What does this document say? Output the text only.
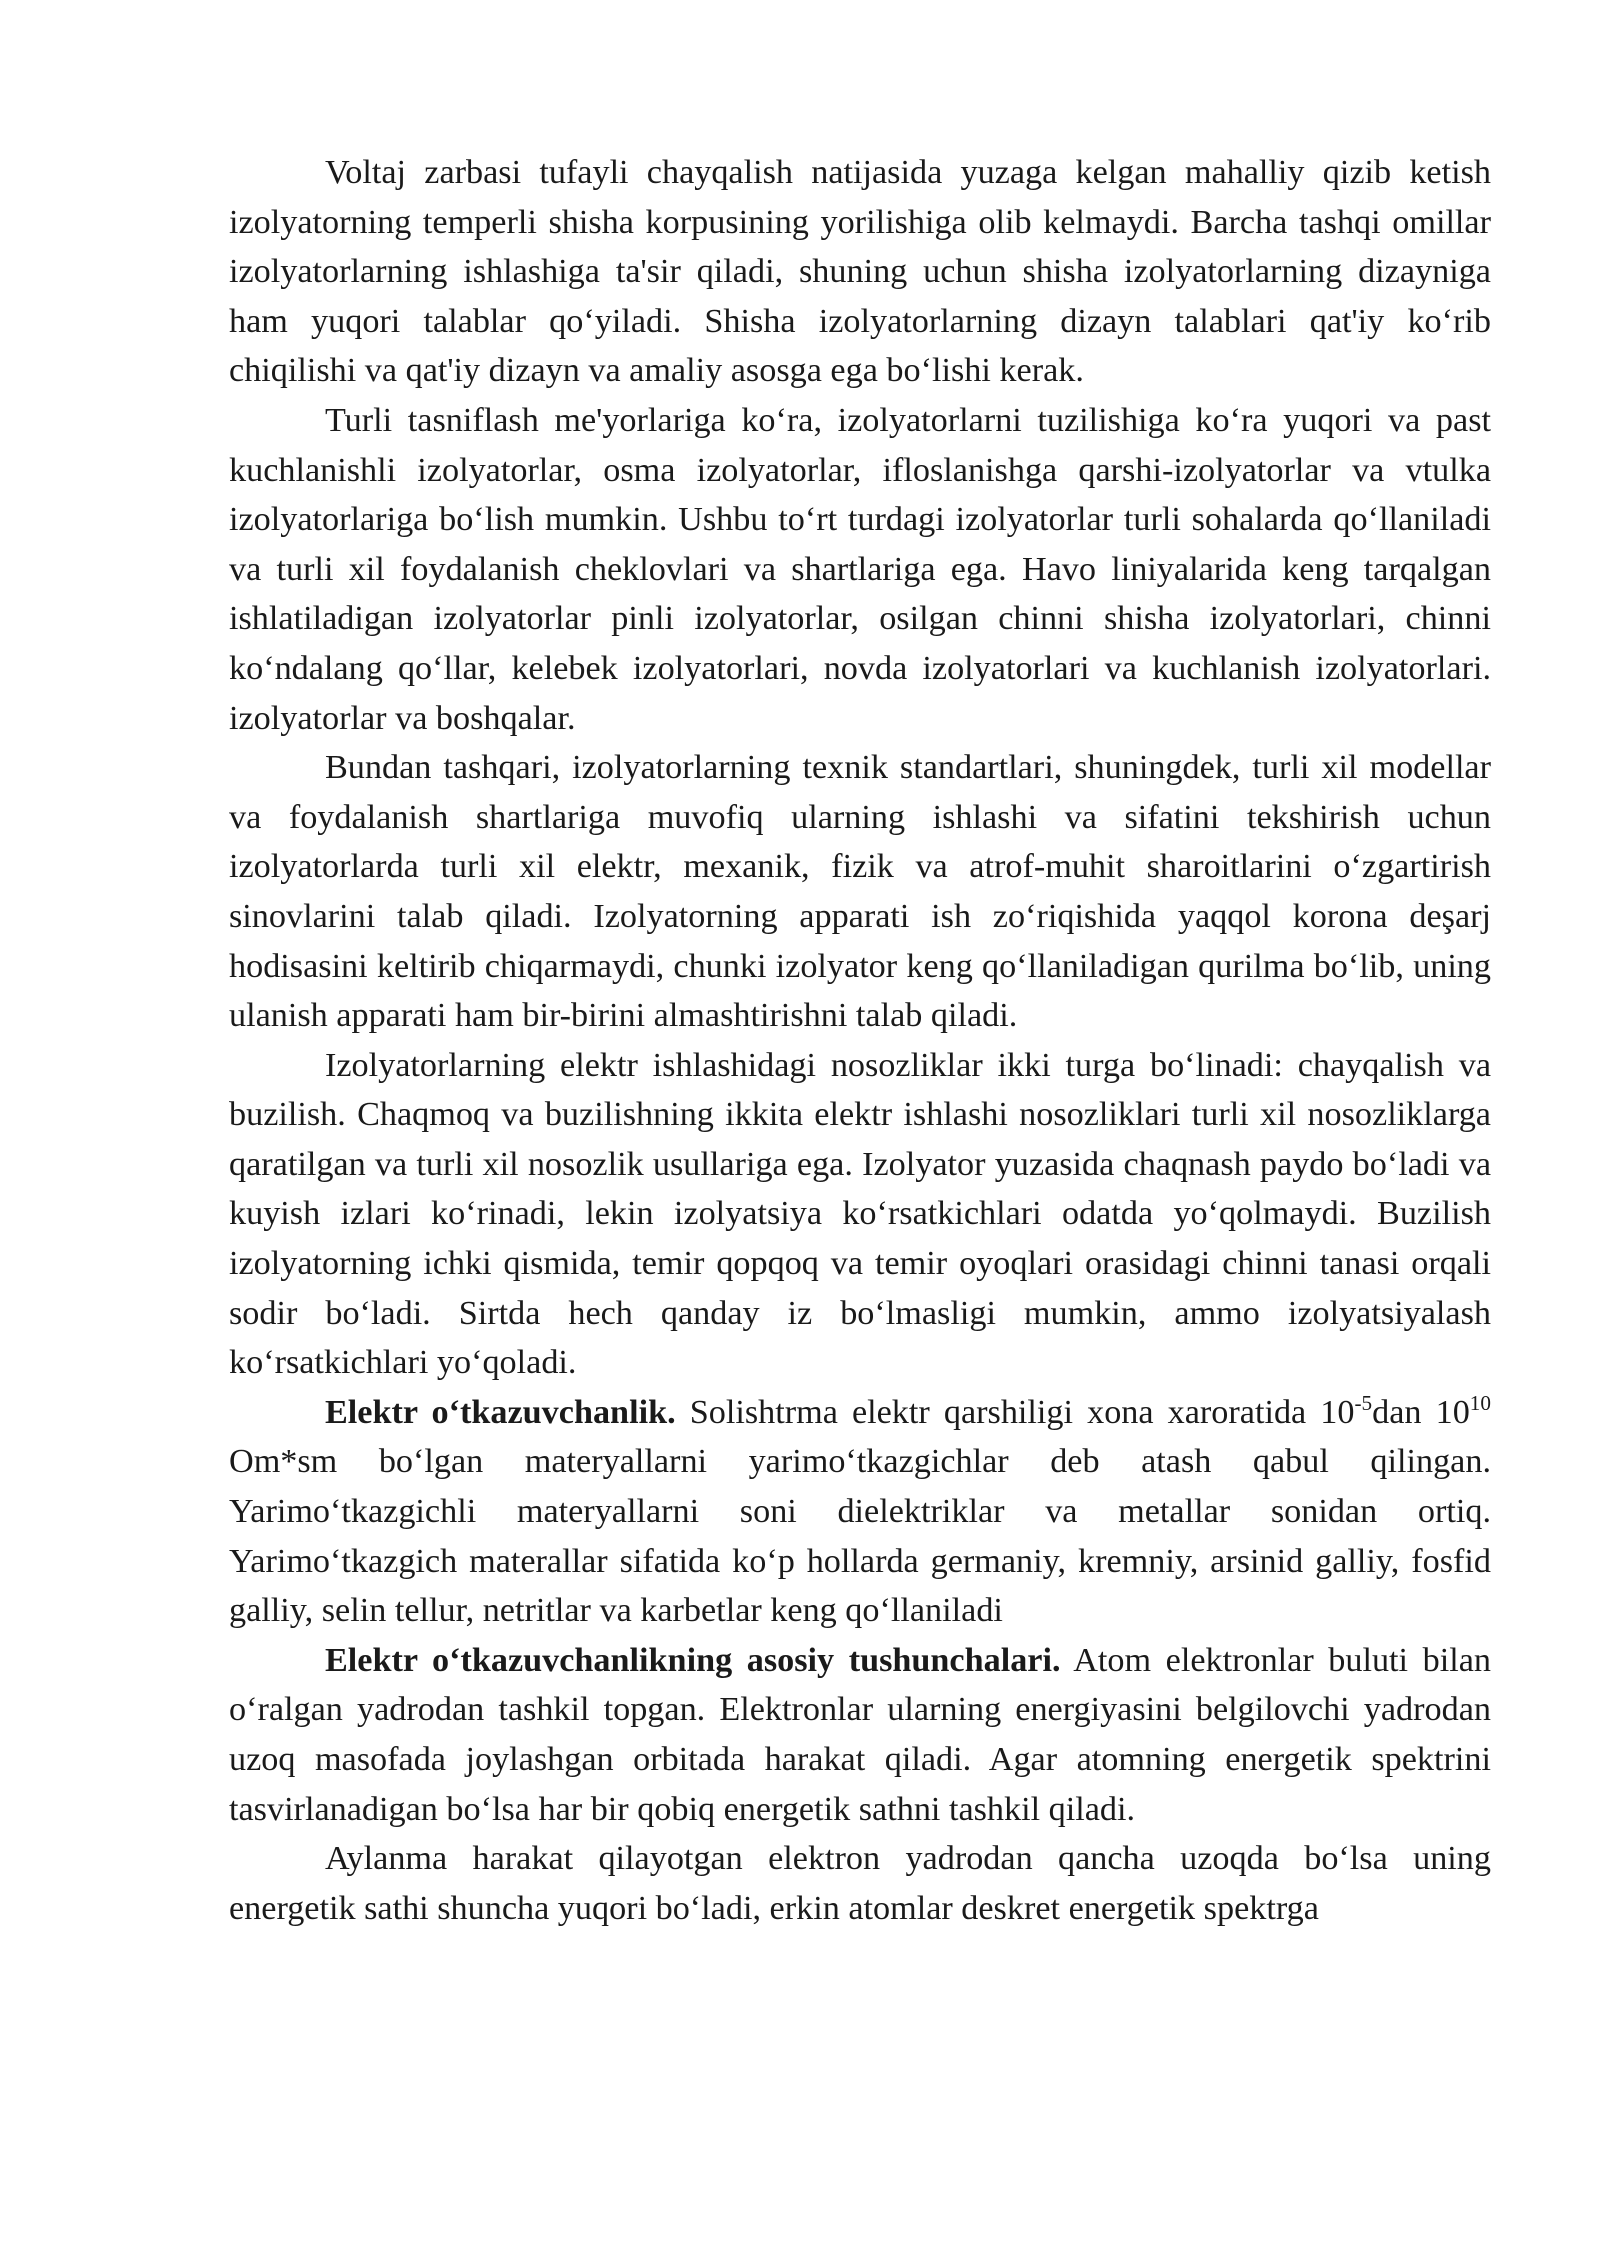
Voltaj zarbasi tufayli chayqalish natijasida yuzaga kelgan mahalliy qizib ketish izolyatorning temperli shisha korpusining yorilishiga olib kelmaydi. Barcha tashqi omillar izolyatorlarning ishlashiga ta'sir qiladi, shuning uchun shisha izolyatorlarning dizayniga ham yuqori talablar qoʻyiladi. Shisha izolyatorlarning dizayn talablari qat'iy koʻrib chiqilishi va qat'iy dizayn va amaliy asosga ega boʻlishi kerak.

Turli tasniflash me'yorlariga koʻra, izolyatorlarni tuzilishiga koʻra yuqori va past kuchlanishli izolyatorlar, osma izolyatorlar, ifloslanishga qarshi-izolyatorlar va vtulka izolyatorlariga boʻlish mumkin. Ushbu toʻrt turdagi izolyatorlar turli sohalarda qoʻllaniladi va turli xil foydalanish cheklovlari va shartlariga ega. Havo liniyalarida keng tarqalgan ishlatiladigan izolyatorlar pinli izolyatorlar, osilgan chinni shisha izolyatorlari, chinni koʻndalang qoʻllar, kelebek izolyatorlari, novda izolyatorlari va kuchlanish izolyatorlari. izolyatorlar va boshqalar.

Bundan tashqari, izolyatorlarning texnik standartlari, shuningdek, turli xil modellar va foydalanish shartlariga muvofiq ularning ishlashi va sifatini tekshirish uchun izolyatorlarda turli xil elektr, mexanik, fizik va atrof-muhit sharoitlarini oʻzgartirish sinovlarini talab qiladi. Izolyatorning apparati ish zoʻriqishida yaqqol korona deşarj hodisasini keltirib chiqarmaydi, chunki izolyator keng qoʻllaniladigan qurilma boʻlib, uning ulanish apparati ham bir-birini almashtirishni talab qiladi.

Izolyatorlarning elektr ishlashidagi nosozliklar ikki turga boʻlinadi: chayqalish va buzilish. Chaqmoq va buzilishning ikkita elektr ishlashi nosozliklari turli xil nosozliklarga qaratilgan va turli xil nosozlik usullariga ega. Izolyator yuzasida chaqnash paydo boʻladi va kuyish izlari koʻrinadi, lekin izolyatsiya koʻrsatkichlari odatda yoʻqolmaydi. Buzilish izolyatorning ichki qismida, temir qopqoq va temir oyoqlari orasidagi chinni tanasi orqali sodir boʻladi. Sirtda hech qanday iz boʻlmasligi mumkin, ammo izolyatsiyalash koʻrsatkichlari yoʻqoladi.

Elektr oʻtkazuvchanlik. Solishtrma elektr qarshiligi xona xaroratida $10^{-5}dan$ $10^{10}$ Om*sm boʻlgan materyallarni yarimoʻtkazgichlar deb atash qabul qilingan. Yarimoʻtkazgichli materyallarni soni dielektriklar va metallar sonidan ortiq. Yarimoʻtkazgich materallar sifatida koʻp hollarda germaniy, kremniy, arsinid galliy, fosfid galliy, selin tellur, netritlar va karbetlar keng qoʻllaniladi

Elektr oʻtkazuvchanlikning asosiy tushunchalari. Atom elektronlar buluti bilan oʻralgan yadrodan tashkil topgan. Elektronlar ularning energiyasini belgilovchi yadrodan uzoq masofada joylashgan orbitada harakat qiladi. Agar atomning energetik spektrini tasvirlanadigan boʻlsa har bir qobiq energetik sathni tashkil qiladi.

Aylanma harakat qilayotgan elektron yadrodan qancha uzoqda boʻlsa uning energetik sathi shuncha yuqori boʻladi, erkin atomlar deskret energetik spektrga
